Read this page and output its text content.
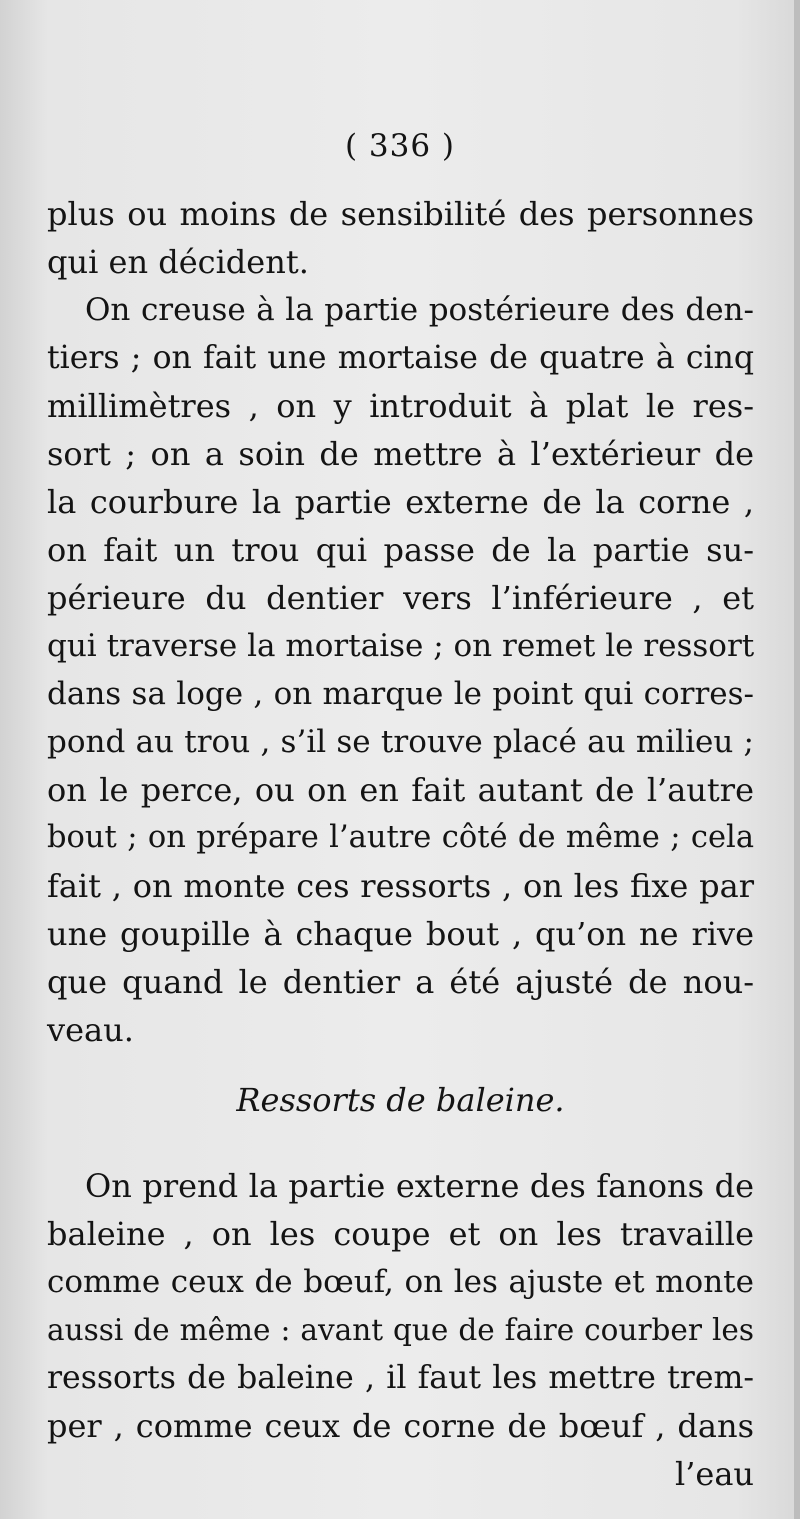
( 336 )
plus ou moins de sensibilité des personnes
qui en décident.
On creuse à la partie postérieure des den-
tiers ; on fait une mortaise de quatre à cinq
millimètres , on y introduit à plat le res-
sort ; on a soin de mettre à l’extérieur de
la courbure la partie externe de la corne ,
on fait un trou qui passe de la partie su-
périeure du dentier vers l’inférieure , et
qui traverse la mortaise ; on remet le ressort
dans sa loge , on marque le point qui corres-
pond au trou , s’il se trouve placé au milieu ;
on le perce, ou on en fait autant de l’autre
bout ; on prépare l’autre côté de même ; cela
fait , on monte ces ressorts , on les fixe par
une goupille à chaque bout , qu’on ne rive
que quand le dentier a été ajusté de nou-
veau.
Ressorts de baleine.
On prend la partie externe des fanons de
baleine , on les coupe et on les travaille
comme ceux de bœuf, on les ajuste et monte
aussi de même : avant que de faire courber les
ressorts de baleine , il faut les mettre trem-
per , comme ceux de corne de bœuf , dans
l’eau
